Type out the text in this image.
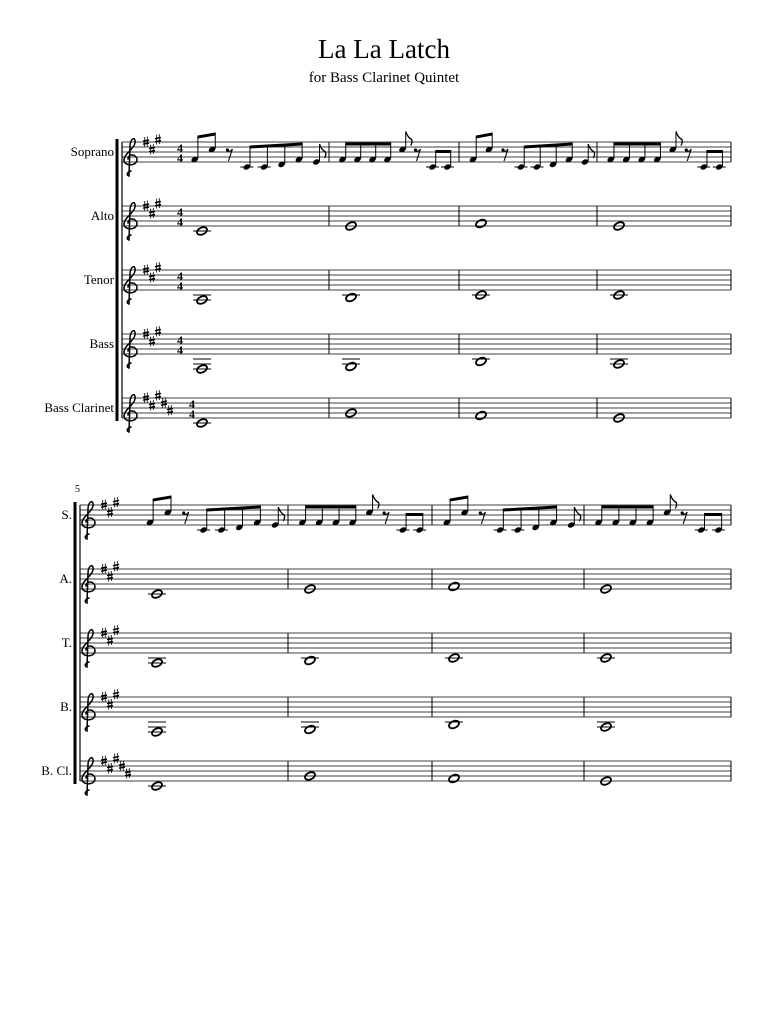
La La Latch
for Bass Clarinet Quintet
Soprano	4
4
Alto	4
4
Tenor	4
4
Bass	4
4
Bass Clarinet	4
4
5
S.
A.
T.
B.
B. Cl.
